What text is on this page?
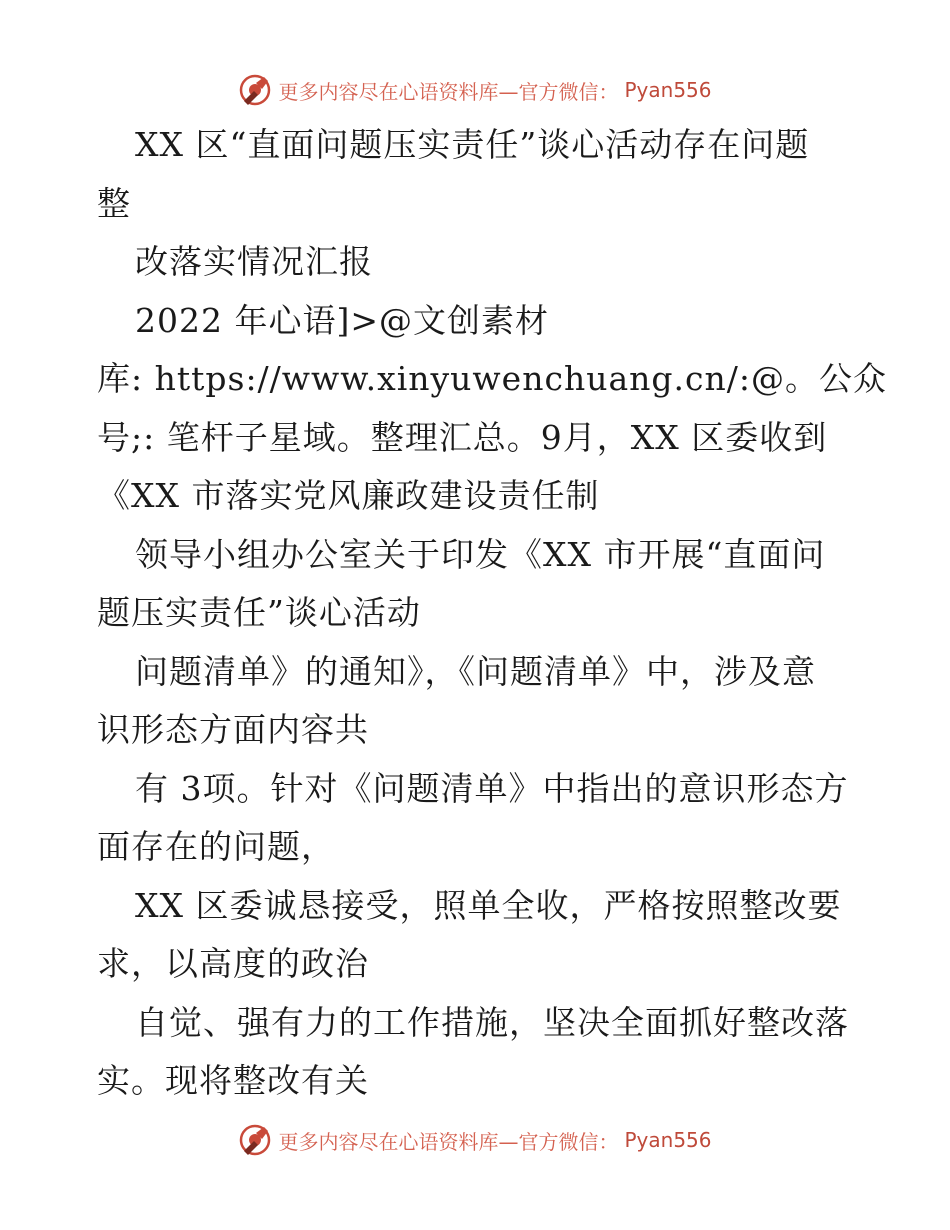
更多内容尽在心语资料库—官方微信： Pyan556
XX 区“直面问题压实责任”谈心活动存在问题
整
改落实情况汇报
2022 年心语]>@文创素材
库: https://www.xinyuwenchuang.cn/:@。公众
号;: 笔杆子星域。整理汇总。9月，XX 区委收到
《XX 市落实党风廉政建设责任制
领导小组办公室关于印发《XX 市开展“直面问
题压实责任”谈心活动
问题清单》的通知》，《问题清单》中，涉及意
识形态方面内容共
有 3项。针对《问题清单》中指出的意识形态方
面存在的问题，
XX 区委诚恳接受，照单全收，严格按照整改要
求，以高度的政治
自觉、强有力的工作措施，坚决全面抓好整改落
实。现将整改有关
更多内容尽在心语资料库—官方微信： Pyan556
